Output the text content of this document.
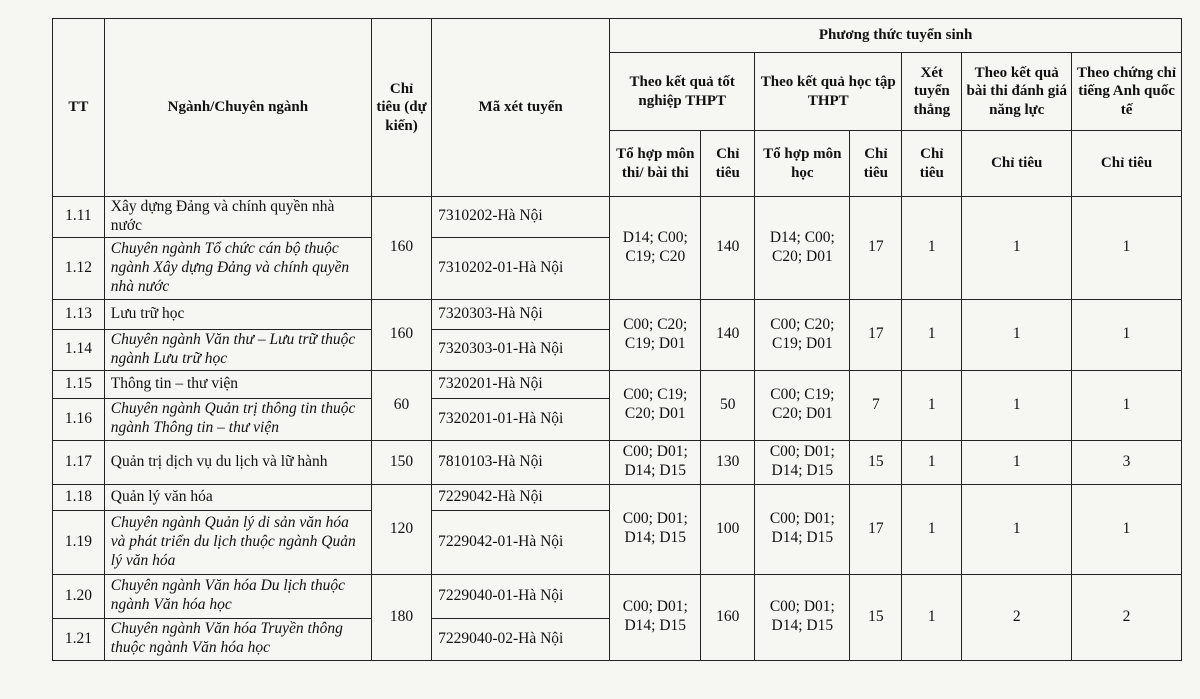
TT	Ngành/Chuyên ngành	Chỉ tiêu (dự kiến)	Mã xét tuyển	Phương thức tuyển sinh						
				Theo kết quả tốt nghiệp THPT		Theo kết quả học tập THPT		Xét tuyển thẳng	Theo kết quả bài thi đánh giá năng lực	Theo chứng chỉ tiếng Anh quốc tế
				Tổ hợp môn thi/ bài thi	Chỉ tiêu	Tổ hợp môn học	Chỉ tiêu	Chỉ tiêu	Chỉ tiêu	Chỉ tiêu
1.11	Xây dựng Đảng và chính quyền nhà nước	160	7310202-Hà Nội	D14; C00; C19; C20	140	D14; C00; C20; D01	17	1	1	1
1.12	Chuyên ngành Tổ chức cán bộ thuộc ngành Xây dựng Đảng và chính quyền nhà nước		7310202-01-Hà Nội							
1.13	Lưu trữ học	160	7320303-Hà Nội	C00; C20; C19; D01	140	C00; C20; C19; D01	17	1	1	1
1.14	Chuyên ngành Văn thư – Lưu trữ thuộc ngành Lưu trữ học		7320303-01-Hà Nội							
1.15	Thông tin – thư viện	60	7320201-Hà Nội	C00; C19; C20; D01	50	C00; C19; C20; D01	7	1	1	1
1.16	Chuyên ngành Quản trị thông tin thuộc ngành Thông tin – thư viện		7320201-01-Hà Nội							
1.17	Quản trị dịch vụ du lịch và lữ hành	150	7810103-Hà Nội	C00; D01; D14; D15	130	C00; D01; D14; D15	15	1	1	3
1.18	Quản lý văn hóa	120	7229042-Hà Nội	C00; D01; D14; D15	100	C00; D01; D14; D15	17	1	1	1
1.19	Chuyên ngành Quản lý di sản văn hóa và phát triển du lịch thuộc ngành Quản lý văn hóa		7229042-01-Hà Nội							
1.20	Chuyên ngành Văn hóa Du lịch thuộc ngành Văn hóa học	180	7229040-01-Hà Nội	C00; D01; D14; D15	160	C00; D01; D14; D15	15	1	2	2
1.21	Chuyên ngành Văn hóa Truyền thông thuộc ngành Văn hóa học		7229040-02-Hà Nội							
